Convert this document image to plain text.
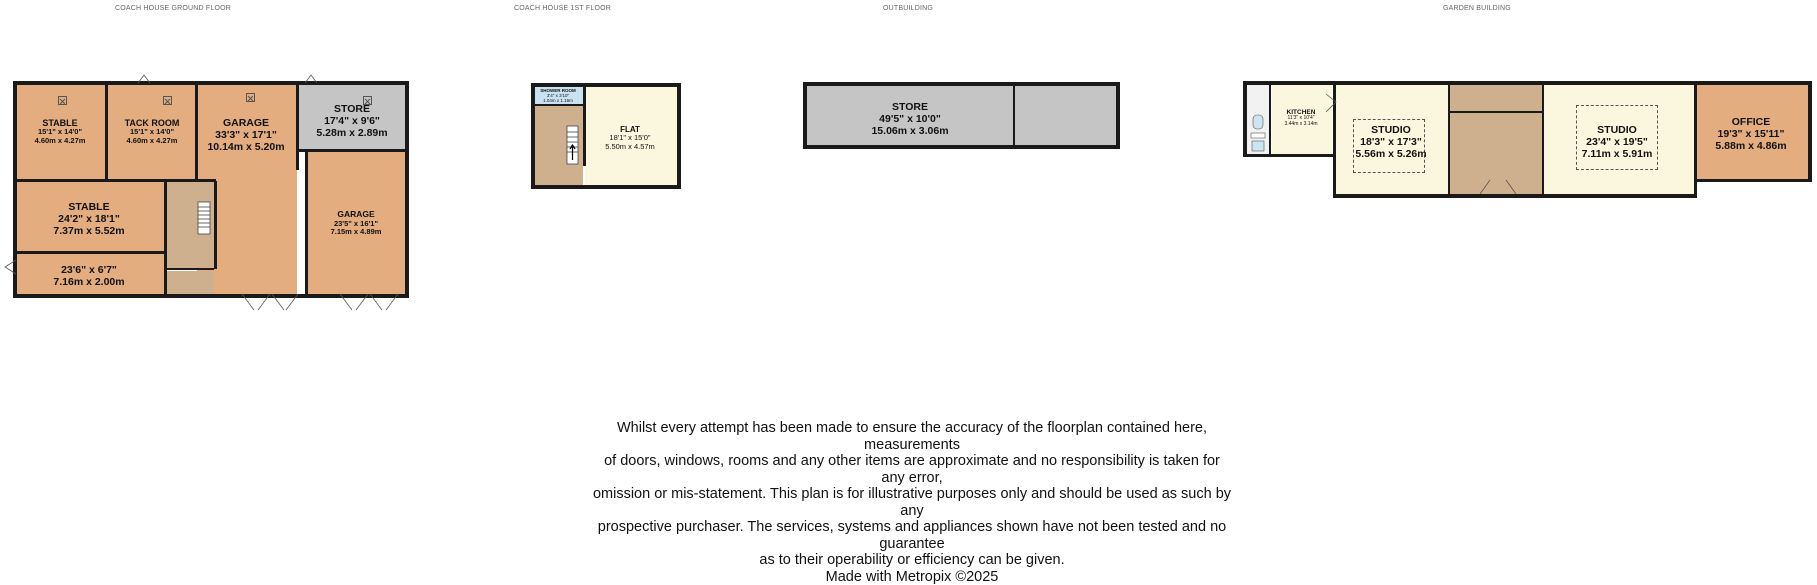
COACH HOUSE GROUND FLOOR	COACH HOUSE 1ST FLOOR	OUTBUILDING	GARDEN BUILDING
STABLE
15'1" x 14'0"
4.60m x 4.27m
TACK ROOM
15'1" x 14'0"
4.60m x 4.27m
GARAGE
33'3" x 17'1"
10.14m x 5.20m
STORE
17'4" x 9'6"
5.28m x 2.89m
STABLE
24'2" x 18'1"
7.37m x 5.52m
GARAGE
23'5" x 16'1"
7.15m x 4.89m
23'6" x 6'7"
7.16m x 2.00m
SHOWER ROOM
3'4" x 3'10"
1.04m x 1.16m
FLAT
18'1" x 15'0"
5.50m x 4.57m
STORE
49'5" x 10'0"
15.06m x 3.06m
KITCHEN
11'3" x 10'4"
3.44m x 3.14m	STUDIO
18'3" x 17'3"
5.56m x 5.26m
STUDIO
23'4" x 19'5"
7.11m x 5.91m
OFFICE
19'3" x 15'11"
5.88m x 4.86m
Whilst every attempt has been made to ensure the accuracy of the floorplan contained here, measurements
of doors, windows, rooms and any other items are approximate and no responsibility is taken for any error,
omission or mis-statement. This plan is for illustrative purposes only and should be used as such by any
prospective purchaser. The services, systems and appliances shown have not been tested and no guarantee
as to their operability or efficiency can be given.
Made with Metropix ©2025
